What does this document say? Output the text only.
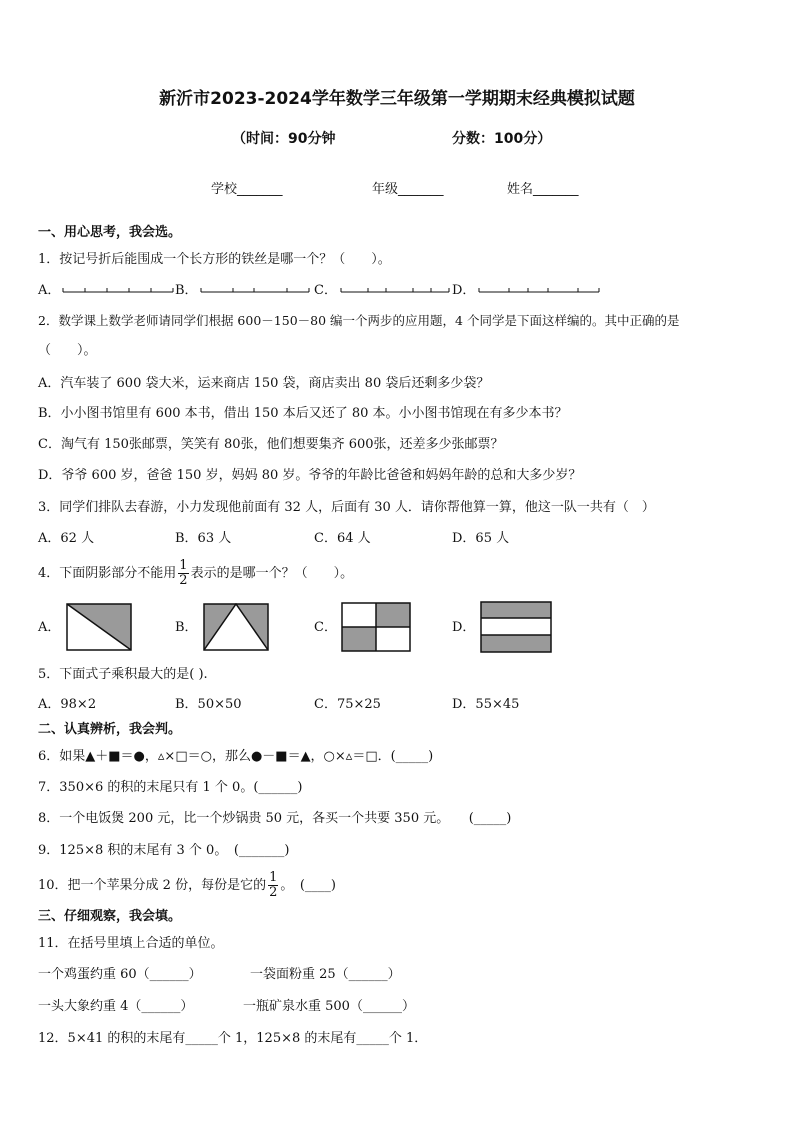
新沂市2023-2024学年数学三年级第一学期期末经典模拟试题
（时间：90分钟	分数：100分）
学校_______	年级_______	姓名_______
一、用心思考，我会选。
1．按记号折后能围成一个长方形的铁丝是哪一个？（　　）。
A．	B．	C．	D．
2．数学课上数学老师请同学们根据 600－150－80 编一个两步的应用题，4 个同学是下面这样编的。其中正确的是
（　　）。
A．汽车装了 600 袋大米，运来商店 150 袋，商店卖出 80 袋后还剩多少袋？
B．小小图书馆里有 600 本书，借出 150 本后又还了 80 本。小小图书馆现在有多少本书？
C．淘气有 150张邮票，笑笑有 80张，他们想要集齐 600张，还差多少张邮票？
D．爷爷 600 岁，爸爸 150 岁，妈妈 80 岁。爷爷的年龄比爸爸和妈妈年龄的总和大多少岁？
3．同学们排队去春游，小力发现他前面有 32 人，后面有 30 人．请你帮他算一算，他这一队一共有（　）
A．62 人	B．63 人	C．64 人	D．65 人
4．下面阴影部分不能用 $\frac{1}{2}$ 表示的是哪一个？（　　）。
A．	B．	C．	D．
5．下面式子乘积最大的是( ).
A．98×2	B．50×50	C．75×25	D．55×45
二、认真辨析，我会判。
6．如果▲＋■＝●，▵×□＝○，那么●－■＝▲，○×▵＝□．(_____)
7．350×6 的积的末尾只有 1 个 0。(______)
8．一个电饭煲 200 元，比一个炒锅贵 50 元，各买一个共要 350 元。　　(_____)
9．125×8 积的末尾有 3 个 0。　(_______)
10．把一个苹果分成 2 份，每份是它的 $\frac{1}{2}$ 。　(____)
三、仔细观察，我会填。
11．在括号里填上合适的单位。
一个鸡蛋约重 60（______）	一袋面粉重 25（______）
一头大象约重 4（______）	一瓶矿泉水重 500（______）
12．5×41 的积的末尾有_____个 1，125×8 的末尾有_____个 1．
